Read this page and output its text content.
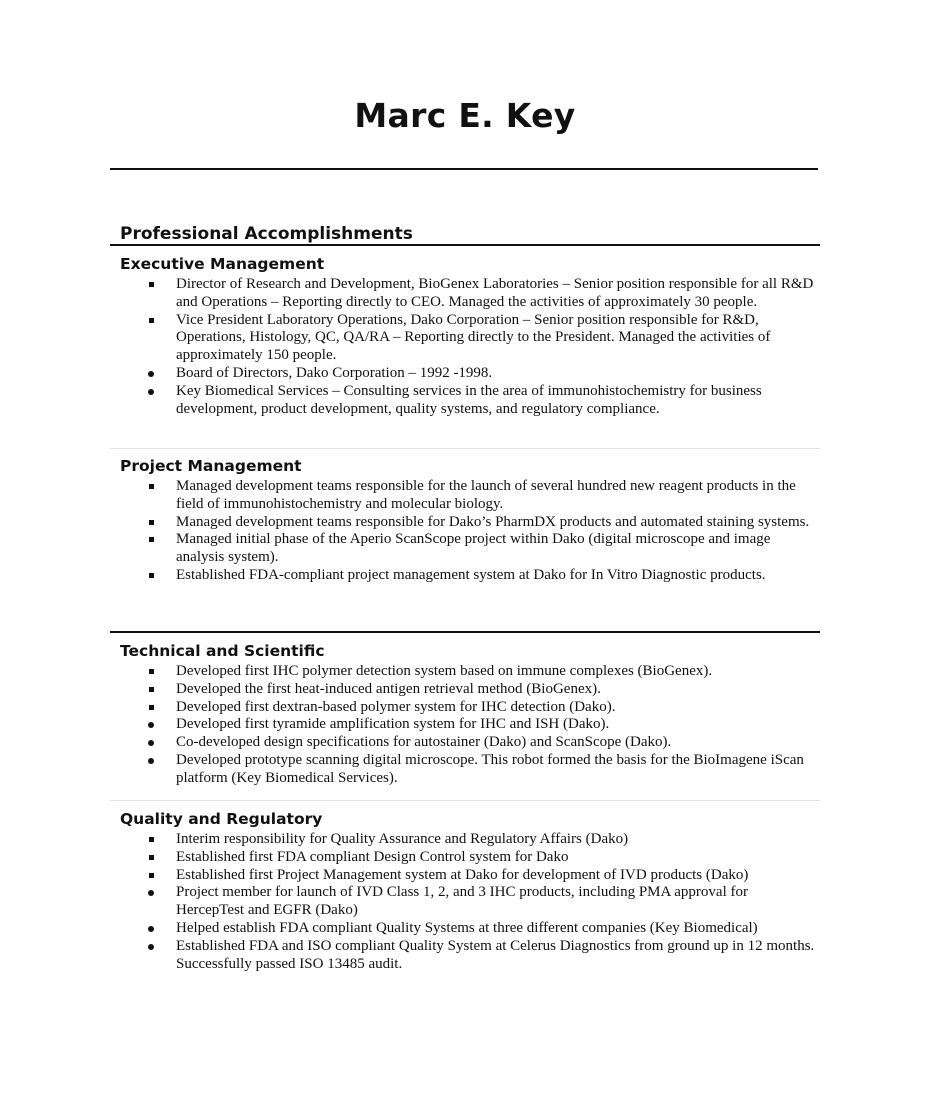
Marc E. Key
Professional Accomplishments
Executive Management
Director of Research and Development, BioGenex Laboratories – Senior position responsible for all R&D and Operations – Reporting directly to CEO. Managed the activities of approximately 30 people.
Vice President Laboratory Operations, Dako Corporation – Senior position responsible for R&D, Operations, Histology, QC, QA/RA – Reporting directly to the President. Managed the activities of approximately 150 people.
Board of Directors, Dako Corporation – 1992 -1998.
Key Biomedical Services – Consulting services in the area of immunohistochemistry for business development, product development, quality systems, and regulatory compliance.
Project Management
Managed development teams responsible for the launch of several hundred new reagent products in the field of immunohistochemistry and molecular biology.
Managed development teams responsible for Dako’s PharmDX products and automated staining systems.
Managed initial phase of the Aperio ScanScope project within Dako (digital microscope and image analysis system).
Established FDA-compliant project management system at Dako for In Vitro Diagnostic products.
Technical and Scientific
Developed first IHC polymer detection system based on immune complexes (BioGenex).
Developed the first heat-induced antigen retrieval method (BioGenex).
Developed first dextran-based polymer system for IHC detection (Dako).
Developed first tyramide amplification system for IHC and ISH (Dako).
Co-developed design specifications for autostainer (Dako) and ScanScope (Dako).
Developed prototype scanning digital microscope. This robot formed the basis for the BioImagene iScan platform (Key Biomedical Services).
Quality and Regulatory
Interim responsibility for Quality Assurance and Regulatory Affairs (Dako)
Established first FDA compliant Design Control system for Dako
Established first Project Management system at Dako for development of IVD products (Dako)
Project member for launch of IVD Class 1, 2, and 3 IHC products, including PMA approval for HercepTest and EGFR (Dako)
Helped establish FDA compliant Quality Systems at three different companies (Key Biomedical)
Established FDA and ISO compliant Quality System at Celerus Diagnostics from ground up in 12 months. Successfully passed ISO 13485 audit.
